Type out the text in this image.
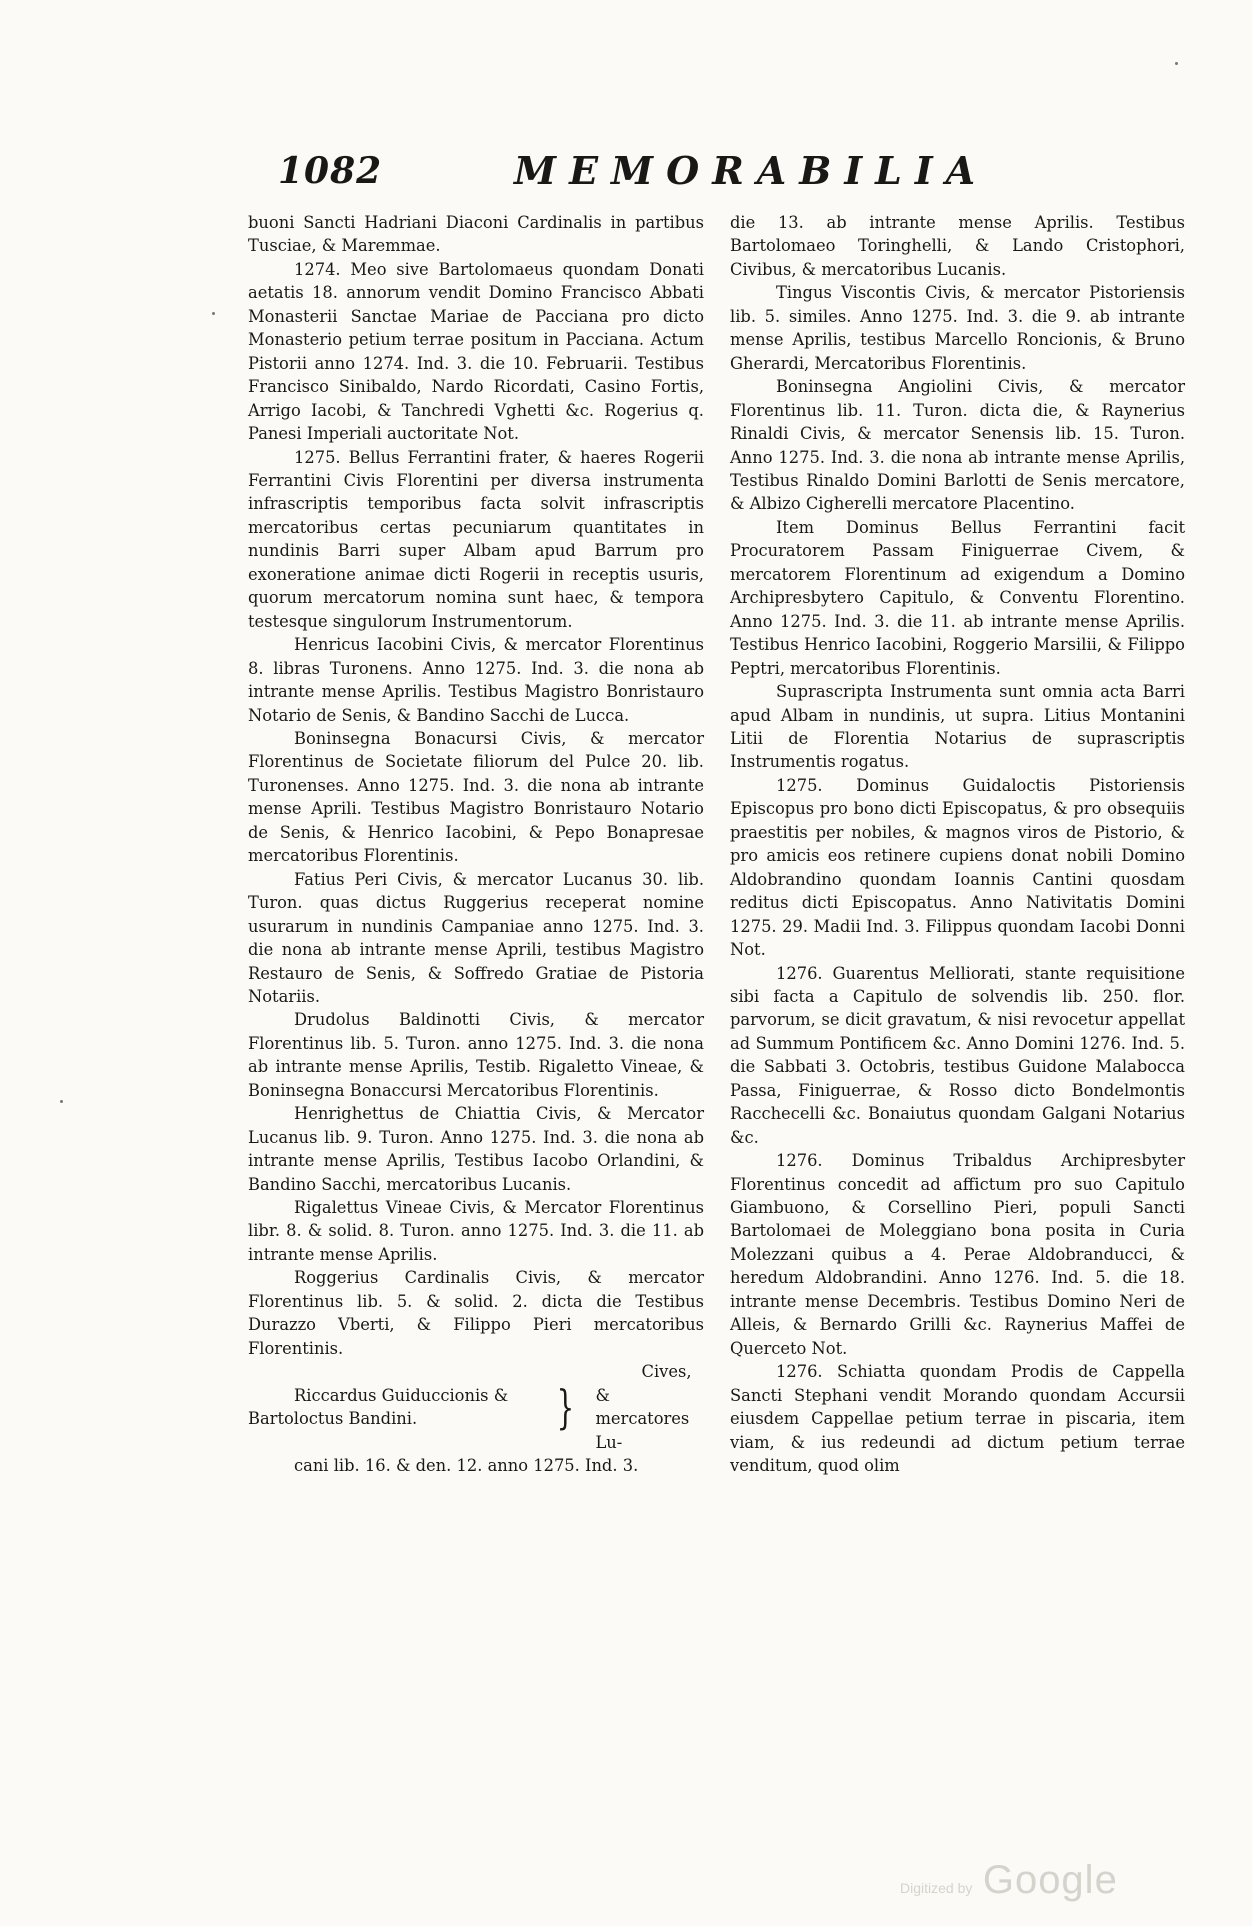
1082	MEMORABILIA

buoni Sancti Hadriani Diaconi Cardinalis in partibus Tusciae, & Maremmae.

1274. Meo sive Bartolomaeus quondam Donati aetatis 18. annorum vendit Domino Francisco Abbati Monasterii Sanctae Mariae de Pacciana pro dicto Monasterio petium terrae positum in Pacciana. Actum Pistorii anno 1274. Ind. 3. die 10. Februarii. Testibus Francisco Sinibaldo, Nardo Ricordati, Casino Fortis, Arrigo Iacobi, & Tanchredi Vghetti &c. Rogerius q. Panesi Imperiali auctoritate Not.

1275. Bellus Ferrantini frater, & haeres Rogerii Ferrantini Civis Florentini per diversa instrumenta infrascriptis temporibus facta solvit infrascriptis mercatoribus certas pecuniarum quantitates in nundinis Barri super Albam apud Barrum pro exoneratione animae dicti Rogerii in receptis usuris, quorum mercatorum nomina sunt haec, & tempora testesque singulorum Instrumentorum.

Henricus Iacobini Civis, & mercator Florentinus 8. libras Turonens. Anno 1275. Ind. 3. die nona ab intrante mense Aprilis. Testibus Magistro Bonristauro Notario de Senis, & Bandino Sacchi de Lucca.

Boninsegna Bonacursi Civis, & mercator Florentinus de Societate filiorum del Pulce 20. lib. Turonenses. Anno 1275. Ind. 3. die nona ab intrante mense Aprili. Testibus Magistro Bonristauro Notario de Senis, & Henrico Iacobini, & Pepo Bonapresae mercatoribus Florentinis.

Fatius Peri Civis, & mercator Lucanus 30. lib. Turon. quas dictus Ruggerius receperat nomine usurarum in nundinis Campaniae anno 1275. Ind. 3. die nona ab intrante mense Aprili, testibus Magistro Restauro de Senis, & Soffredo Gratiae de Pistoria Notariis.

Drudolus Baldinotti Civis, & mercator Florentinus lib. 5. Turon. anno 1275. Ind. 3. die nona ab intrante mense Aprilis, Testib. Rigaletto Vineae, & Boninsegna Bonaccursi Mercatoribus Florentinis.

Henrighettus de Chiattia Civis, & Mercator Lucanus lib. 9. Turon. Anno 1275. Ind. 3. die nona ab intrante mense Aprilis, Testibus Iacobo Orlandini, & Bandino Sacchi, mercatoribus Lucanis.

Rigalettus Vineae Civis, & Mercator Florentinus libr. 8. & solid. 8. Turon. anno 1275. Ind. 3. die 11. ab intrante mense Aprilis.

Roggerius Cardinalis Civis, & mercator Florentinus lib. 5. & solid. 2. dicta die Testibus Durazzo Vberti, & Filippo Pieri mercatoribus Florentinis.

Riccardus Guiduccionis &
Bartoloctus Bandini.	}
Cives, & mercatores Lu-

cani lib. 16. & den. 12. anno 1275. Ind. 3.

die 13. ab intrante mense Aprilis. Testibus Bartolomaeo Toringhelli, & Lando Cristophori, Civibus, & mercatoribus Lucanis.

Tingus Viscontis Civis, & mercator Pistoriensis lib. 5. similes. Anno 1275. Ind. 3. die 9. ab intrante mense Aprilis, testibus Marcello Roncionis, & Bruno Gherardi, Mercatoribus Florentinis.

Boninsegna Angiolini Civis, & mercator Florentinus lib. 11. Turon. dicta die, & Raynerius Rinaldi Civis, & mercator Senensis lib. 15. Turon. Anno 1275. Ind. 3. die nona ab intrante mense Aprilis, Testibus Rinaldo Domini Barlotti de Senis mercatore, & Albizo Cigherelli mercatore Placentino.

Item Dominus Bellus Ferrantini facit Procuratorem Passam Finiguerrae Civem, & mercatorem Florentinum ad exigendum a Domino Archipresbytero Capitulo, & Conventu Florentino. Anno 1275. Ind. 3. die 11. ab intrante mense Aprilis. Testibus Henrico Iacobini, Roggerio Marsilii, & Filippo Peptri, mercatoribus Florentinis.

Suprascripta Instrumenta sunt omnia acta Barri apud Albam in nundinis, ut supra. Litius Montanini Litii de Florentia Notarius de suprascriptis Instrumentis rogatus.

1275. Dominus Guidaloctis Pistoriensis Episcopus pro bono dicti Episcopatus, & pro obsequiis praestitis per nobiles, & magnos viros de Pistorio, & pro amicis eos retinere cupiens donat nobili Domino Aldobrandino quondam Ioannis Cantini quosdam reditus dicti Episcopatus. Anno Nativitatis Domini 1275. 29. Madii Ind. 3. Filippus quondam Iacobi Donni Not.

1276. Guarentus Melliorati, stante requisitione sibi facta a Capitulo de solvendis lib. 250. flor. parvorum, se dicit gravatum, & nisi revocetur appellat ad Summum Pontificem &c. Anno Domini 1276. Ind. 5. die Sabbati 3. Octobris, testibus Guidone Malabocca Passa, Finiguerrae, & Rosso dicto Bondelmontis Racchecelli &c. Bonaiutus quondam Galgani Notarius &c.

1276. Dominus Tribaldus Archipresbyter Florentinus concedit ad affictum pro suo Capitulo Giambuono, & Corsellino Pieri, populi Sancti Bartolomaei de Moleggiano bona posita in Curia Molezzani quibus a 4. Perae Aldobranducci, & heredum Aldobrandini. Anno 1276. Ind. 5. die 18. intrante mense Decembris. Testibus Domino Neri de Alleis, & Bernardo Grilli &c. Raynerius Maffei de Querceto Not.

1276. Schiatta quondam Prodis de Cappella Sancti Stephani vendit Morando quondam Accursii eiusdem Cappellae petium terrae in piscaria, item viam, & ius redeundi ad dictum petium terrae venditum, quod olim

Digitized by Google
